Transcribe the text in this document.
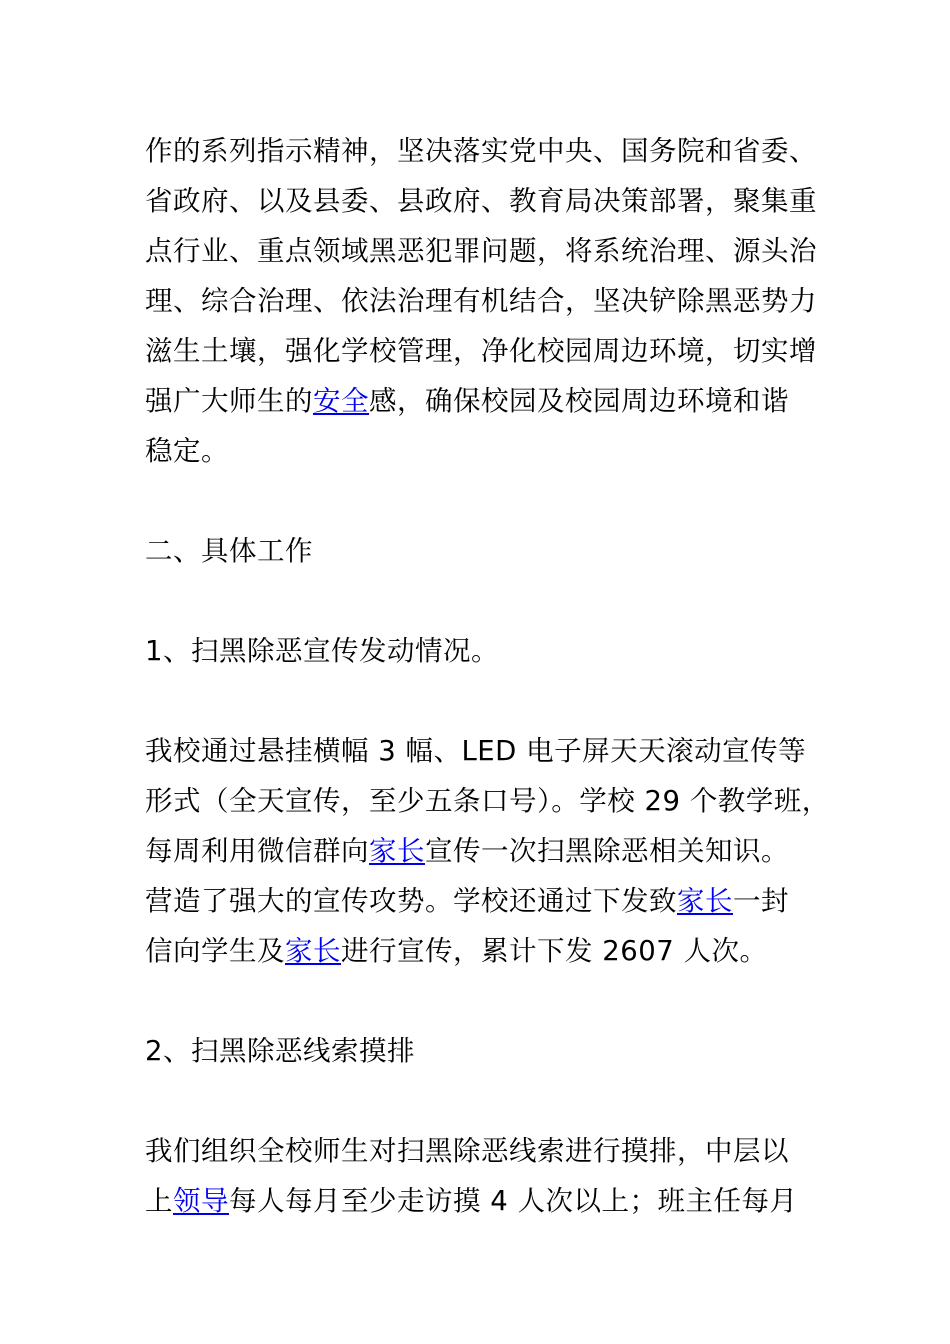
作的系列指示精神，坚决落实党中央、国务院和省委、
省政府、以及县委、县政府、教育局决策部署，聚集重
点行业、重点领域黑恶犯罪问题，将系统治理、源头治
理、综合治理、依法治理有机结合，坚决铲除黑恶势力
滋生土壤，强化学校管理，净化校园周边环境，切实增
强广大师生的安全感，确保校园及校园周边环境和谐
稳定。

二、具体工作

1、扫黑除恶宣传发动情况。

我校通过悬挂横幅 3 幅、LED 电子屏天天滚动宣传等
形式（全天宣传，至少五条口号）。学校 29 个教学班，
每周利用微信群向家长宣传一次扫黑除恶相关知识。
营造了强大的宣传攻势。学校还通过下发致家长一封
信向学生及家长进行宣传，累计下发 2607 人次。

2、扫黑除恶线索摸排

我们组织全校师生对扫黑除恶线索进行摸排，中层以
上领导每人每月至少走访摸 4 人次以上；班主任每月
